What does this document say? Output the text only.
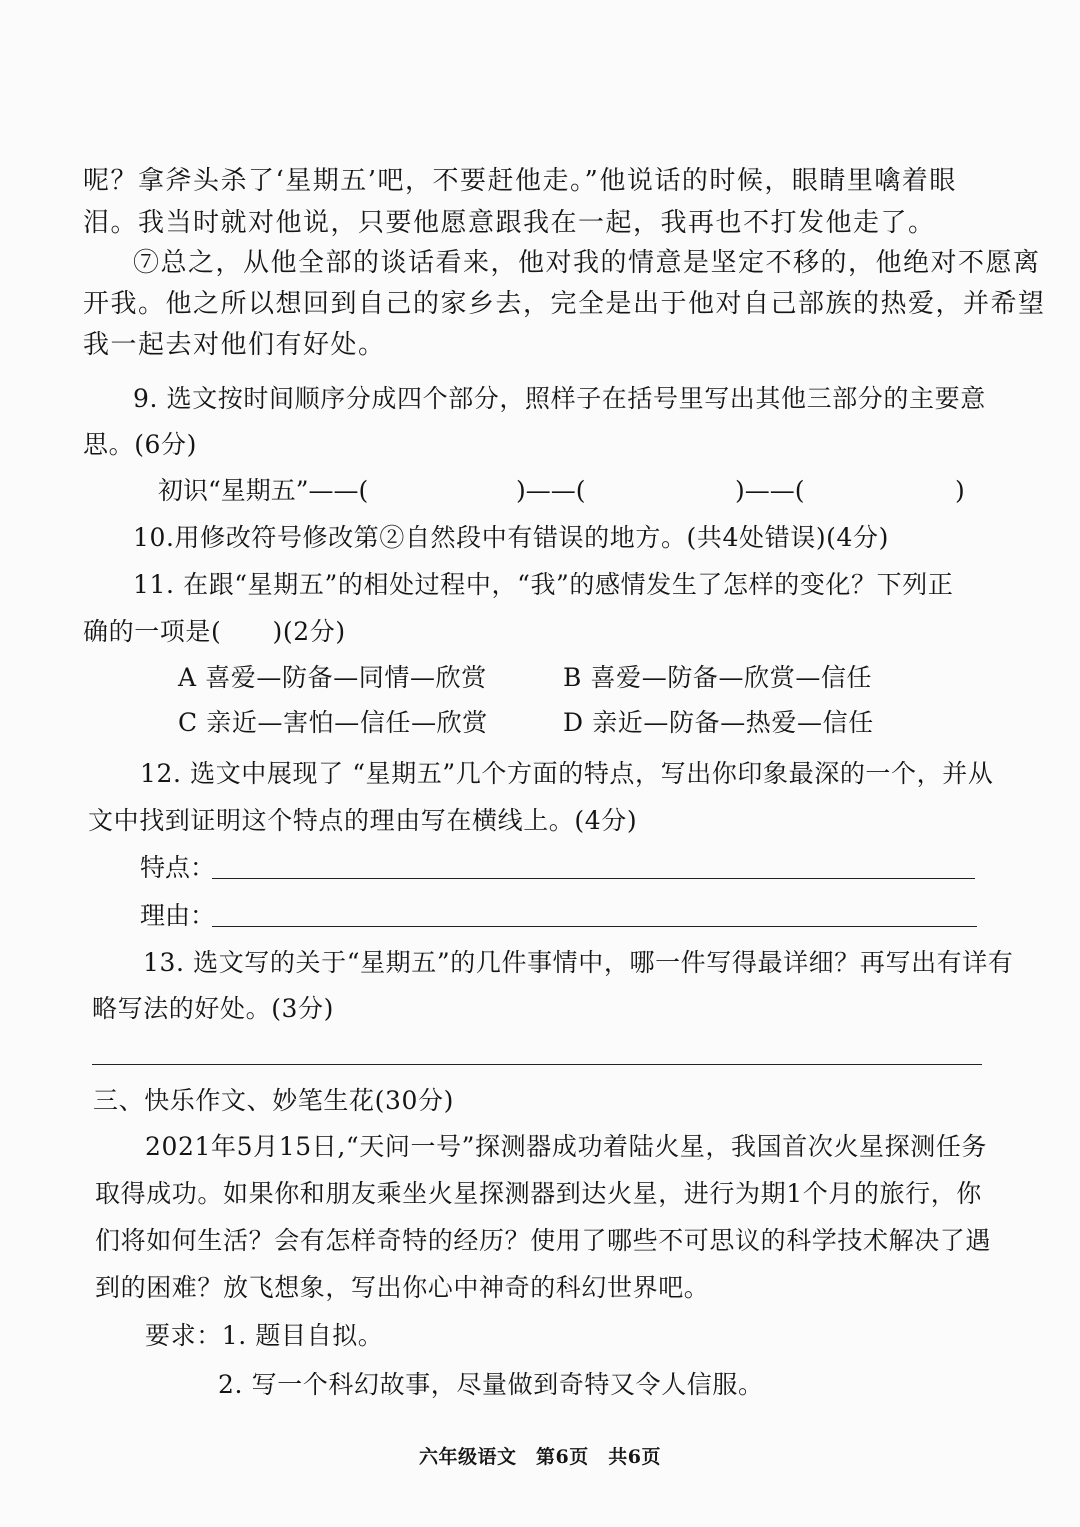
呢？拿斧头杀了‘星期五’吧，不要赶他走。”他说话的时候，眼睛里噙着眼
泪。我当时就对他说，只要他愿意跟我在一起，我再也不打发他走了。
⑦总之，从他全部的谈话看来，他对我的情意是坚定不移的，他绝对不愿离
开我。他之所以想回到自己的家乡去，完全是出于他对自己部族的热爱，并希望
我一起去对他们有好处。
9. 选文按时间顺序分成四个部分，照样子在括号里写出其他三部分的主要意
思。(6分)
初识“星期五”——(	)——(	)——(	)
10.用修改符号修改第②自然段中有错误的地方。(共4处错误)(4分)
11. 在跟“星期五”的相处过程中，“我”的感情发生了怎样的变化？下列正
确的一项是(　　)(2分)
A 喜爱—防备—同情—欣赏	B 喜爱—防备—欣赏—信任
C 亲近—害怕—信任—欣赏	D 亲近—防备—热爱—信任
12. 选文中展现了 “星期五”几个方面的特点，写出你印象最深的一个，并从
文中找到证明这个特点的理由写在横线上。(4分)
特点：
理由：
13. 选文写的关于“星期五”的几件事情中，哪一件写得最详细？再写出有详有
略写法的好处。(3分)
三、快乐作文、妙笔生花(30分)
2021年5月15日,“天问一号”探测器成功着陆火星，我国首次火星探测任务
取得成功。如果你和朋友乘坐火星探测器到达火星，进行为期1个月的旅行，你
们将如何生活？会有怎样奇特的经历？使用了哪些不可思议的科学技术解决了遇
到的困难？放飞想象，写出你心中神奇的科幻世界吧。
要求：1. 题目自拟。
2. 写一个科幻故事，尽量做到奇特又令人信服。
六年级语文　第6页　共6页
